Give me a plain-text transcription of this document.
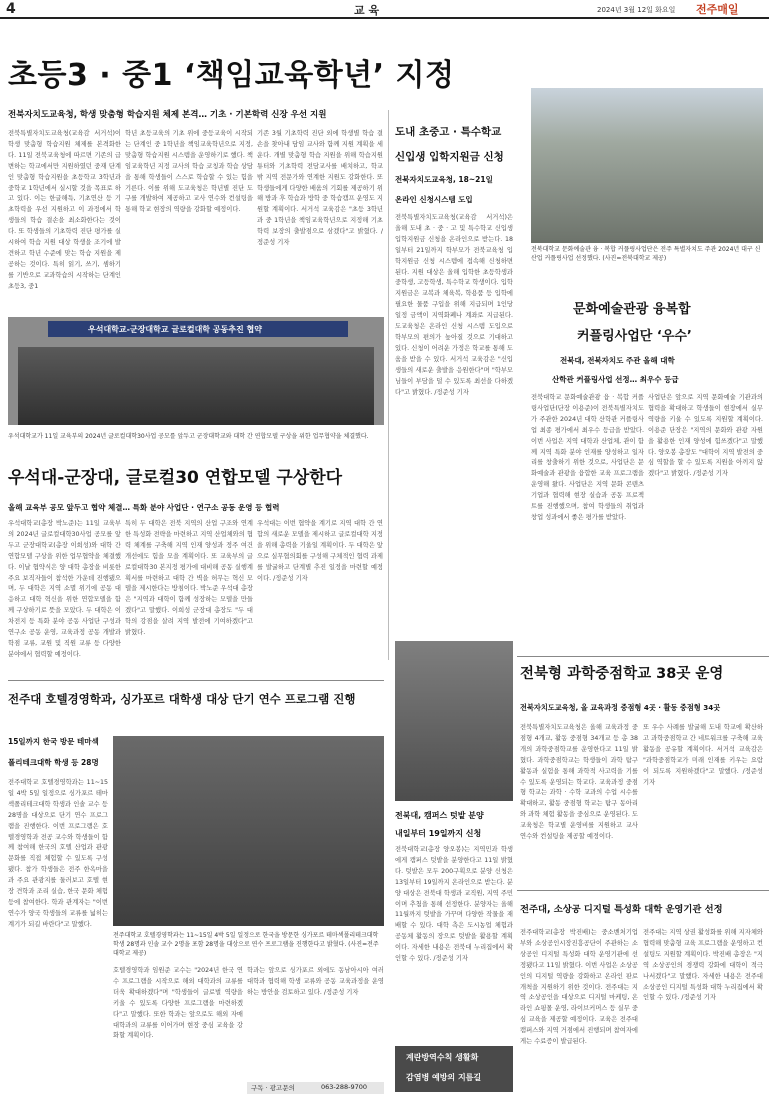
4	교 육	2024년 3월 12일 화요일 전주매일
초등3 · 중1 ‘책임교육학년’ 지정
전북자치도교육청, 학생 맞춤형 학습지원 체제 본격… 기초 · 기본학력 신장 우선 지원
전북특별자치도교육청(교육감 서거석)이 학생 맞춤형 학습지원 체제를 본격화한다. 11일 전북교육청에 따르면 기존의 급변하는 학교에서만 지원하였던 중재 단계인 맞춤형 학습지원을 초등학교 3학년과 중학교 1학년에서 실시할 것을 목표로 하고 있다. 이는 한글해득, 기초연산 등 기초학력을 우선 지원하고 이 과정에서 학생들의 학습 결손을 최소화한다는 것이다. 또 학생들의 기초학력 진단 평가를 실시하여 학습 지원 대상 학생을 조기에 발견하고 학년 수준에 맞는 학습 지원을 제공하는 것이다. 특히 읽기, 쓰기, 셈하기를 기반으로 교과학습의 시작하는 단계인 초등3, 중1
학년 초등교육의 기초 위에 중등교육이 시작되는 단계인 중 1학년을 책임교육학년으로 지정, 맞춤형 학습지원 시스템을 운영하기로 했다. 책임교육학년 지정 교사의 학습 코칭과 학습 상담을 통해 학생들이 스스로 학습할 수 있는 힘을 기른다. 이를 위해 도교육청은 학년별 진단 도구를 개발하여 제공하고 교사 연수와 컨설팅을 통해 학교 현장의 역량을 강화할 예정이다.
기존 3월 기초학력 진단 외에 학생별 학습 결손을 찾아내 담임 교사와 함께 지원 계획을 세운다. 개별 맞춤형 학습 지원을 위해 학습지원 튜터와 기초학력 전담교사를 배치하고, 학교 밖 지역 전문가와 연계한 지원도 강화한다. 또 학생들에게 다양한 배움의 기회를 제공하기 위해 방과 후 학습과 방학 중 학습캠프 운영도 지원할 계획이다. 서거석 교육감은 "초등 3학년과 중 1학년을 책임교육학년으로 지정해 기초학력 보장의 출발점으로 삼겠다"고 밝혔다. /정준성 기자
우석대학교-군장대학교 글로컬대학 공동추진 협약
우석대학교가 11일 교육부의 2024년 글로컬대학30사업 공모를 앞두고 군장대학교와 대학 간 연합모델 구상을 위한 업무협약을 체결했다.
우석대-군장대, 글로컬30 연합모델 구상한다
올해 교육부 공모 앞두고 협약 체결… 특화 분야 사업단 · 연구소 공동 운영 등 협력
우석대학교(총장 박노준)는 11일 교육부의 2024년 글로컬대학30사업 공모를 앞두고 군장대학교(총장 이희성)와 대학 간 연합모델 구상을 위한 업무협약을 체결했다. 이날 협약식은 양 대학 총장을 비롯한 주요 보직자들이 참석한 가운데 진행됐으며, 두 대학은 지역 소멸 위기에 공동 대응하고 대학 혁신을 위한 연합모델을 함께 구상하기로 뜻을 모았다. 두 대학은 이차전지 등 특화 분야 공동 사업단 구성과 연구소 공동 운영, 교육과정 공동 개발과 학점 교류, 교원 및 직원 교류 등 다양한 분야에서 협력할 예정이다.
특히 두 대학은 전북 지역의 산업 구조와 연계한 특성화 전략을 마련하고 지역 산업체와의 협력 체계를 구축해 지역 인재 양성과 정주 여건 개선에도 힘을 모을 계획이다. 또 교육부의 글로컬대학30 본지정 평가에 대비해 공동 실행계획서를 마련하고 대학 간 벽을 허무는 혁신 모델을 제시한다는 방침이다. 박노준 우석대 총장은 "지역과 대학이 함께 성장하는 모델을 만들겠다"고 말했다. 이희성 군장대 총장도 "두 대학의 강점을 살려 지역 발전에 기여하겠다"고 밝혔다.
우석대는 이번 협약을 계기로 지역 대학 간 연합의 새로운 모델을 제시하고 글로컬대학 지정을 위해 총력을 기울일 계획이다. 두 대학은 앞으로 실무협의회를 구성해 구체적인 협력 과제를 발굴하고 단계별 추진 일정을 마련할 예정이다. /정준성 기자
전주대 호텔경영학과, 싱가포르 대학생 대상 단기 연수 프로그램 진행
15일까지 한국 방문 테마섹
폴리테크대학 학생 등 28명
전주대학교 호텔경영학과는 11~15일 4박 5일 일정으로 싱가포르 테마섹폴리테크대학 학생과 인솔 교수 등 28명을 대상으로 단기 연수 프로그램을 진행한다. 이번 프로그램은 호텔경영학과 전공 교수와 학생들이 함께 참여해 한국의 호텔 산업과 관광 문화를 직접 체험할 수 있도록 구성됐다. 참가 학생들은 전주 한옥마을과 주요 관광지를 둘러보고 호텔 현장 견학과 조리 실습, 한국 문화 체험 등에 참여한다. 학과 관계자는 "이번 연수가 양국 학생들의 교류를 넓히는 계기가 되길 바란다"고 말했다.
전주대학교 호텔경영학과는 11~15일 4박 5일 일정으로 한국을 방문한 싱가포르 테마섹폴리테크대학 학생 28명과 인솔 교수 2명을 포함 28명을 대상으로 연수 프로그램을 진행한다고 밝혔다. (사진=전주대학교 제공)
호텔경영학과 임원준 교수는 "2024년 한국 연수 프로그램을 시작으로 해외 대학과의 교류를 더욱 확대하겠다"며 "학생들이 글로벌 역량을 키울 수 있도록 다양한 프로그램을 마련하겠다"고 말했다. 또한 학과는 앞으로도 해외 자매 대학과의 교류를 이어가며 현장 중심 교육을 강화할 계획이다.
학과는 앞으로 싱가포르 외에도 동남아시아 여러 대학과 협력해 학생 교류와 공동 교육과정을 운영하는 방안을 검토하고 있다. /정준성 기자
구독 · 광고문의	063-288-9700
도내 초중고 · 특수학교
신입생 입학지원금 신청
전북자치도교육청, 18~21일
온라인 신청시스템 도입
전북특별자치도교육청(교육감 서거석)은 올해 도내 초 · 중 · 고 및 특수학교 신입생 입학지원금 신청을 온라인으로 받는다. 18일부터 21일까지 학부모가 전북교육청 입학지원금 신청 시스템에 접속해 신청하면 된다. 지원 대상은 올해 입학한 초등학생과 중학생, 고등학생, 특수학교 학생이다. 입학지원금은 교복과 체육복, 학용품 등 입학에 필요한 물품 구입을 위해 지급되며 1인당 일정 금액이 지역화폐나 계좌로 지급된다. 도교육청은 온라인 신청 시스템 도입으로 학부모의 편의가 높아질 것으로 기대하고 있다. 신청이 어려운 가정은 학교를 통해 도움을 받을 수 있다. 서거석 교육감은 "신입생들의 새로운 출발을 응원한다"며 "학부모님들이 부담을 덜 수 있도록 최선을 다하겠다"고 밝혔다. /정준성 기자
전북대, 캠퍼스 텃밭 분양
내일부터 19일까지 신청
전북대학교(총장 양오봉)는 지역민과 학생에게 캠퍼스 텃밭을 분양한다고 11일 밝혔다. 텃밭은 모두 200구획으로 분양 신청은 13일부터 19일까지 온라인으로 받는다. 분양 대상은 전북대 학생과 교직원, 지역 주민이며 추첨을 통해 선정한다. 분양자는 올해 11월까지 텃밭을 가꾸며 다양한 작물을 재배할 수 있다. 대학 측은 도시농업 체험과 공동체 활동의 장으로 텃밭을 활용할 계획이다. 자세한 내용은 전북대 누리집에서 확인할 수 있다. /정준성 기자
계란방역수칙 생활화
감염병 예방의 지름길
전북대학교 문화예술관 융 · 복합 커플링사업단은 전주 특별자치도 주관 2024년 대구 신산업 커플링사업 선정했다. (사진=전북대학교 제공)
문화예술관광 융복합
커플링사업단 ‘우수’
전북대, 전북자치도 주관 올해 대학
산학관 커플링사업 선정… 최우수 등급
전북대학교 문화예술관광 융 · 복합 커플링사업단(단장 이용준)이 전북특별자치도가 주관한 2024년 대학 산학관 커플링사업 최종 평가에서 최우수 등급을 받았다. 이번 사업은 지역 대학과 산업체, 관이 함께 지역 특화 분야 인재를 양성하고 일자리를 창출하기 위한 것으로, 사업단은 문화예술과 관광을 융합한 교육 프로그램을 운영해 왔다. 사업단은 지역 문화 콘텐츠 기업과 협력해 현장 실습과 공동 프로젝트를 진행했으며, 참여 학생들의 취업과 창업 성과에서 좋은 평가를 받았다.
사업단은 앞으로 지역 문화예술 기관과의 협력을 확대하고 학생들이 현장에서 실무 역량을 키울 수 있도록 지원할 계획이다. 이용준 단장은 "지역의 문화와 관광 자원을 활용한 인재 양성에 힘쓰겠다"고 말했다. 양오봉 총장도 "대학이 지역 발전의 중심 역할을 할 수 있도록 지원을 아끼지 않겠다"고 밝혔다. /정준성 기자
전북형 과학중점학교 38곳 운영
전북자치도교육청, 올 교육과정 중점형 4곳 · 활동 중점형 34곳
전북특별자치도교육청은 올해 교육과정 중점형 4개교, 활동 중점형 34개교 등 총 38개의 과학중점학교를 운영한다고 11일 밝혔다. 과학중점학교는 학생들이 과학 탐구 활동과 실험을 통해 과학적 사고력을 기를 수 있도록 운영되는 학교다. 교육과정 중점형 학교는 과학 · 수학 교과의 수업 시수를 확대하고, 활동 중점형 학교는 탐구 동아리와 과학 체험 활동을 중심으로 운영된다. 도교육청은 학교별 운영비를 지원하고 교사 연수와 컨설팅을 제공할 예정이다.
또 우수 사례를 발굴해 도내 학교에 확산하고 과학중점학교 간 네트워크를 구축해 교육 활동을 공유할 계획이다. 서거석 교육감은 "과학중점학교가 미래 인재를 키우는 요람이 되도록 지원하겠다"고 말했다. /정준성 기자
전주대, 소상공 디지털 특성화 대학 운영기관 선정
전주대학교(총장 박진배)는 중소벤처기업부와 소상공인시장진흥공단이 주관하는 소상공인 디지털 특성화 대학 운영기관에 선정됐다고 11일 밝혔다. 이번 사업은 소상공인의 디지털 역량을 강화하고 온라인 판로 개척을 지원하기 위한 것이다. 전주대는 지역 소상공인을 대상으로 디지털 마케팅, 온라인 쇼핑몰 운영, 라이브커머스 등 실무 중심 교육을 제공할 예정이다. 교육은 전주대 캠퍼스와 지역 거점에서 진행되며 참여자에게는 수료증이 발급된다.
전주대는 지역 상권 활성화를 위해 지자체와 협력해 맞춤형 교육 프로그램을 운영하고 컨설팅도 지원할 계획이다. 박진배 총장은 "지역 소상공인의 경쟁력 강화에 대학이 적극 나서겠다"고 말했다. 자세한 내용은 전주대 소상공인 디지털 특성화 대학 누리집에서 확인할 수 있다. /정준성 기자
